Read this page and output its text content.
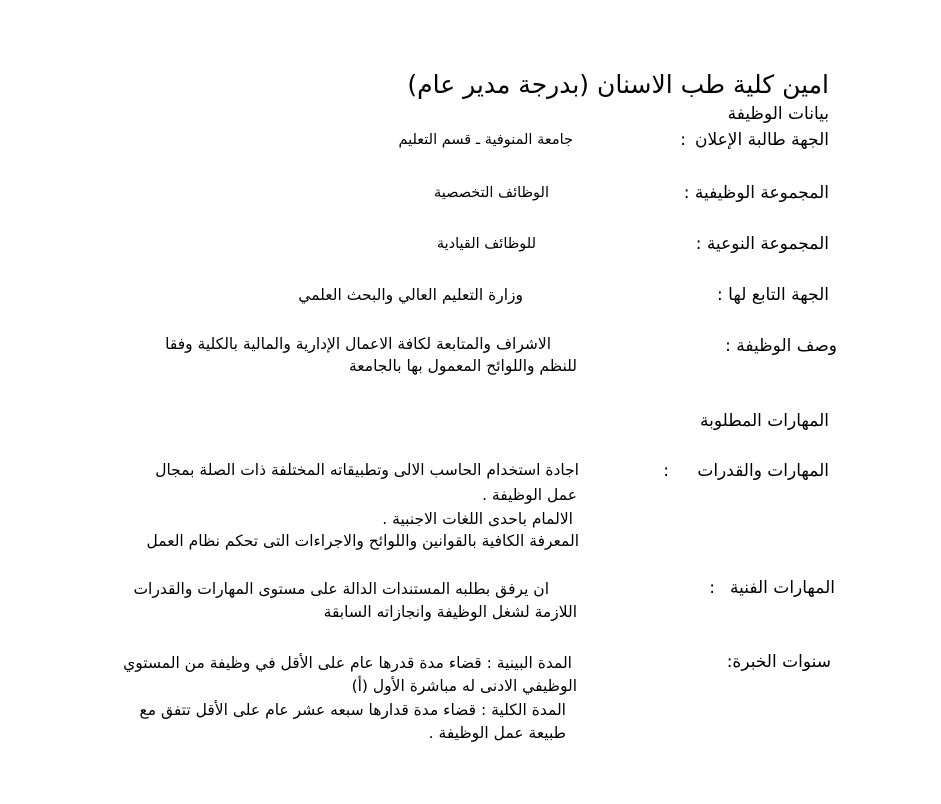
امين كلية طب الاسنان (بدرجة مدير عام)
بيانات الوظيفة
الجهة طالبة الإعلان
:
جامعة المنوفية ـ قسم التعليم
المجموعة الوظيفية :
الوظائف التخصصية
المجموعة النوعية :
للوظائف القيادية
الجهة التابع لها :
وزارة التعليم العالي والبحث العلمي
وصف الوظيفة :
الاشراف والمتابعة لكافة الاعمال الإدارية والمالية بالكلية وفقا
للنظم واللوائح المعمول بها بالجامعة
المهارات المطلوبة
المهارات والقدرات
:
اجادة استخدام الحاسب الالى وتطبيقاته المختلفة ذات الصلة بمجال
عمل الوظيفة .
الالمام باحدى اللغات الاجنبية .
المعرفة الكافية بالقوانين واللوائح والاجراءات التى تحكم نظام العمل
المهارات الفنية
:
ان يرفق بطلبه المستندات الدالة على مستوى المهارات والقدرات
اللازمة لشغل الوظيفة وانجازاته السابقة
سنوات الخبرة:
المدة البينية : قضاء مدة قدرها عام على الأقل في وظيفة من المستوي
الوظيفي الادنى له مباشرة الأول (أ)
المدة الكلية : قضاء مدة قدارها سبعه عشر عام على الأقل تتفق مع
طبيعة عمل الوظيفة .
